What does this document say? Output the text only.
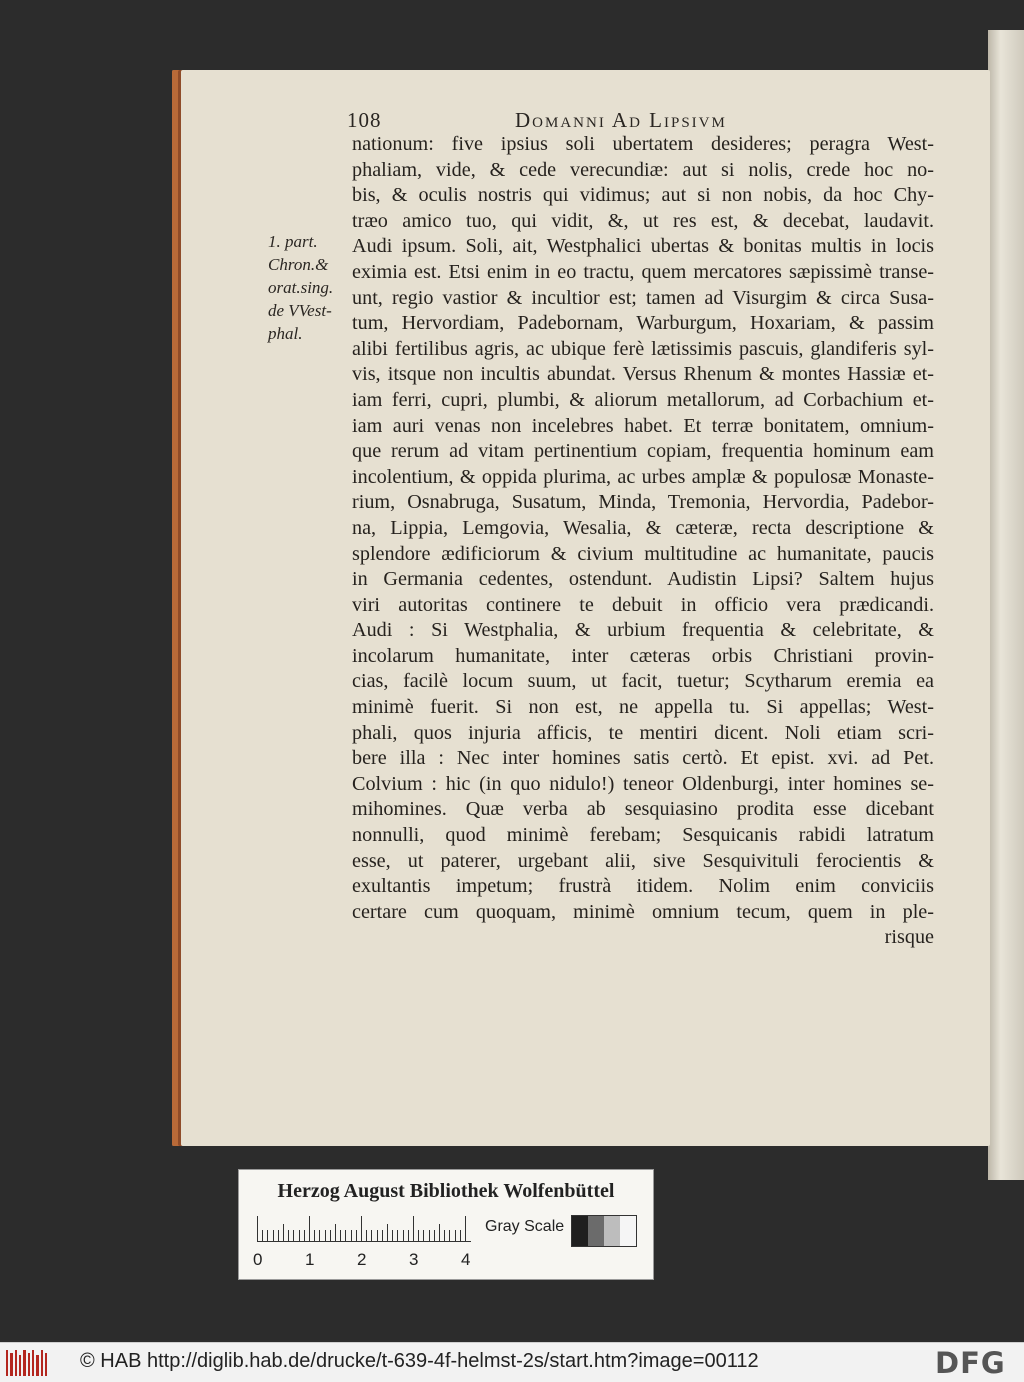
108	Domanni Ad Lipsivm
1. part.
Chron.&
orat.sing.
de VVest-
phal.
nationum: five ipsius soli ubertatem desideres; peragra West-
phaliam, vide, & cede verecundiæ: aut si nolis, crede hoc no-
bis, & oculis nostris qui vidimus; aut si non nobis, da hoc Chy-
træo amico tuo, qui vidit, &, ut res est, & decebat, laudavit.
Audi ipsum. Soli, ait, Westphalici ubertas & bonitas multis in locis
eximia est. Etsi enim in eo tractu, quem mercatores sæpissimè transe-
unt, regio vastior & incultior est; tamen ad Visurgim & circa Susa-
tum, Hervordiam, Padebornam, Warburgum, Hoxariam, & passim
alibi fertilibus agris, ac ubique ferè lætissimis pascuis, glandiferis syl-
vis, itsque non incultis abundat. Versus Rhenum & montes Hassiæ et-
iam ferri, cupri, plumbi, & aliorum metallorum, ad Corbachium et-
iam auri venas non incelebres habet. Et terræ bonitatem, omnium-
que rerum ad vitam pertinentium copiam, frequentia hominum eam
incolentium, & oppida plurima, ac urbes amplæ & populosæ Monaste-
rium, Osnabruga, Susatum, Minda, Tremonia, Hervordia, Padebor-
na, Lippia, Lemgovia, Wesalia, & cæteræ, recta descriptione &
splendore ædificiorum & civium multitudine ac humanitate, paucis
in Germania cedentes, ostendunt. Audistin Lipsi? Saltem hujus
viri autoritas continere te debuit in officio vera prædicandi.
Audi : Si Westphalia, & urbium frequentia & celebritate, &
incolarum humanitate, inter cæteras orbis Christiani provin-
cias, facilè locum suum, ut facit, tuetur; Scytharum eremia ea
minimè fuerit. Si non est, ne appella tu. Si appellas; West-
phali, quos injuria afficis, te mentiri dicent. Noli etiam scri-
bere illa : Nec inter homines satis certò. Et epist. xvi. ad Pet.
Colvium : hic (in quo nidulo!) teneor Oldenburgi, inter homines se-
mihomines. Quæ verba ab sesquiasino prodita esse dicebant
nonnulli, quod minimè ferebam; Sesquicanis rabidi latratum
esse, ut paterer, urgebant alii, sive Sesquivituli ferocientis &
exultantis impetum; frustrà itidem. Nolim enim conviciis
certare cum quoquam, minimè omnium tecum, quem in ple-
risque
Herzog August Bibliothek Wolfenbüttel
0	1	2	3	4
Gray Scale
© HAB http://diglib.hab.de/drucke/t-639-4f-helmst-2s/start.htm?image=00112	DFG
